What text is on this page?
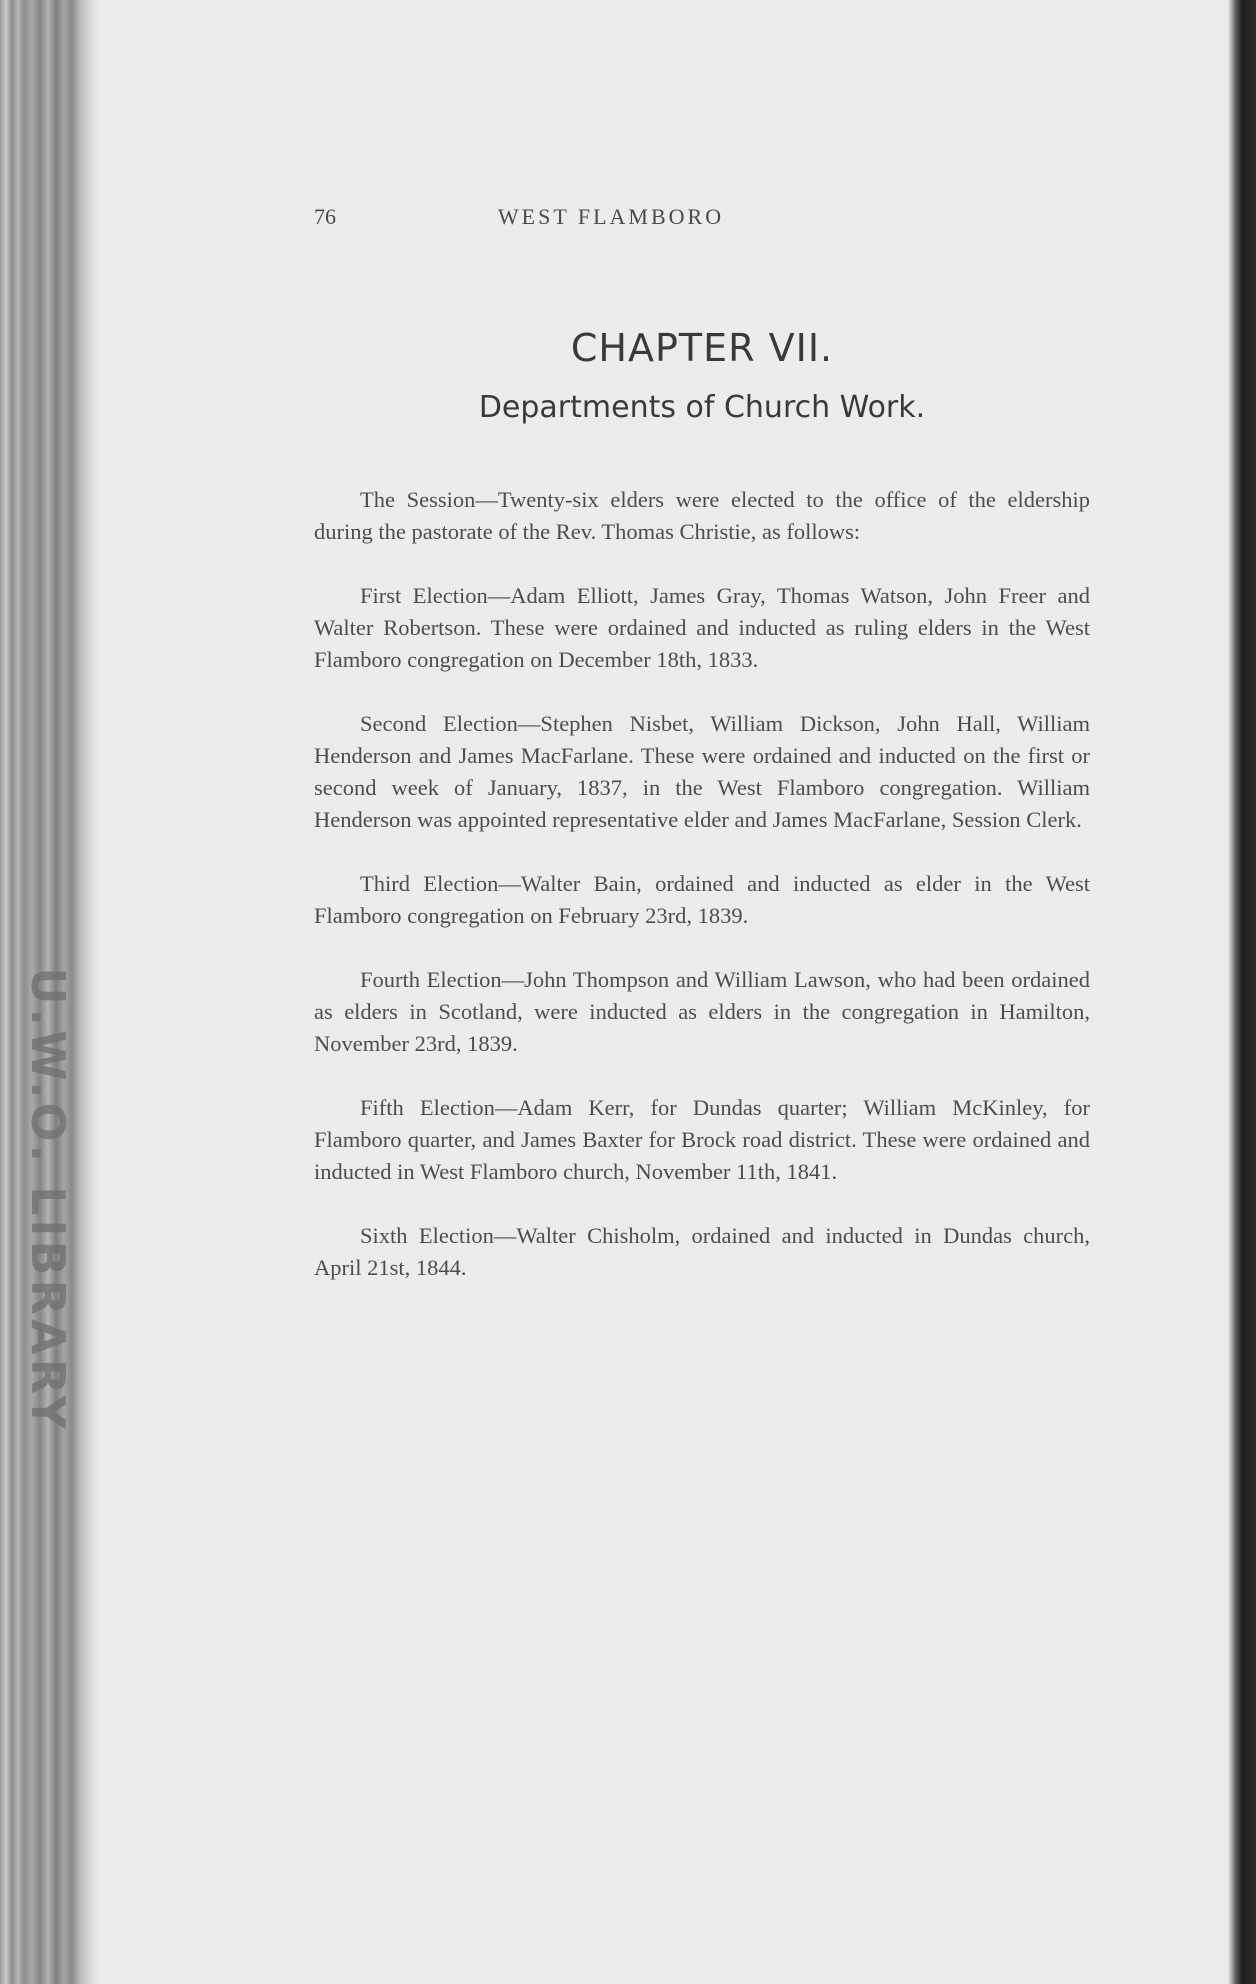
U.W.O. LIBRARY
76	WEST FLAMBORO
CHAPTER VII.
Departments of Church Work.

The Session—Twenty-six elders were elected to the office of the eldership during the pastorate of the Rev. Thomas Christie, as follows:

First Election—Adam Elliott, James Gray, Thomas Watson, John Freer and Walter Robertson. These were ordained and inducted as ruling elders in the West Flamboro congregation on December 18th, 1833.

Second Election—Stephen Nisbet, William Dickson, John Hall, William Henderson and James MacFarlane. These were ordained and inducted on the first or second week of January, 1837, in the West Flamboro congregation. William Henderson was appointed representative elder and James MacFarlane, Session Clerk.

Third Election—Walter Bain, ordained and inducted as elder in the West Flamboro congregation on February 23rd, 1839.

Fourth Election—John Thompson and William Lawson, who had been ordained as elders in Scotland, were inducted as elders in the congregation in Hamilton, November 23rd, 1839.

Fifth Election—Adam Kerr, for Dundas quarter; William McKinley, for Flamboro quarter, and James Baxter for Brock road district. These were ordained and inducted in West Flamboro church, November 11th, 1841.

Sixth Election—Walter Chisholm, ordained and inducted in Dundas church, April 21st, 1844.
